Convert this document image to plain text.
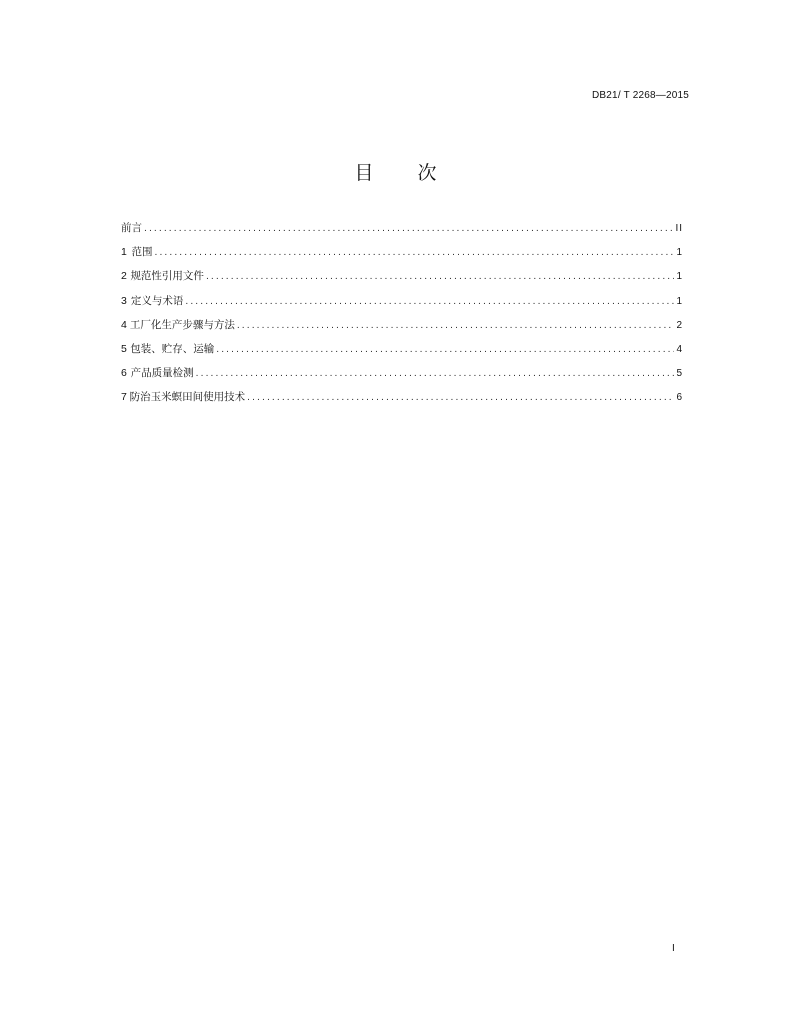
DB21/ T 2268—2015
目 次
前言 .....	II
1 范围 .....	1
2 规范性引用文件 .....	1
3 定义与术语 .....	1
4 工厂化生产步骤与方法 .....	2
5 包装、贮存、运输 .....	4
6 产品质量检测 .....	5
7 防治玉米螟田间使用技术 .....	6
I
